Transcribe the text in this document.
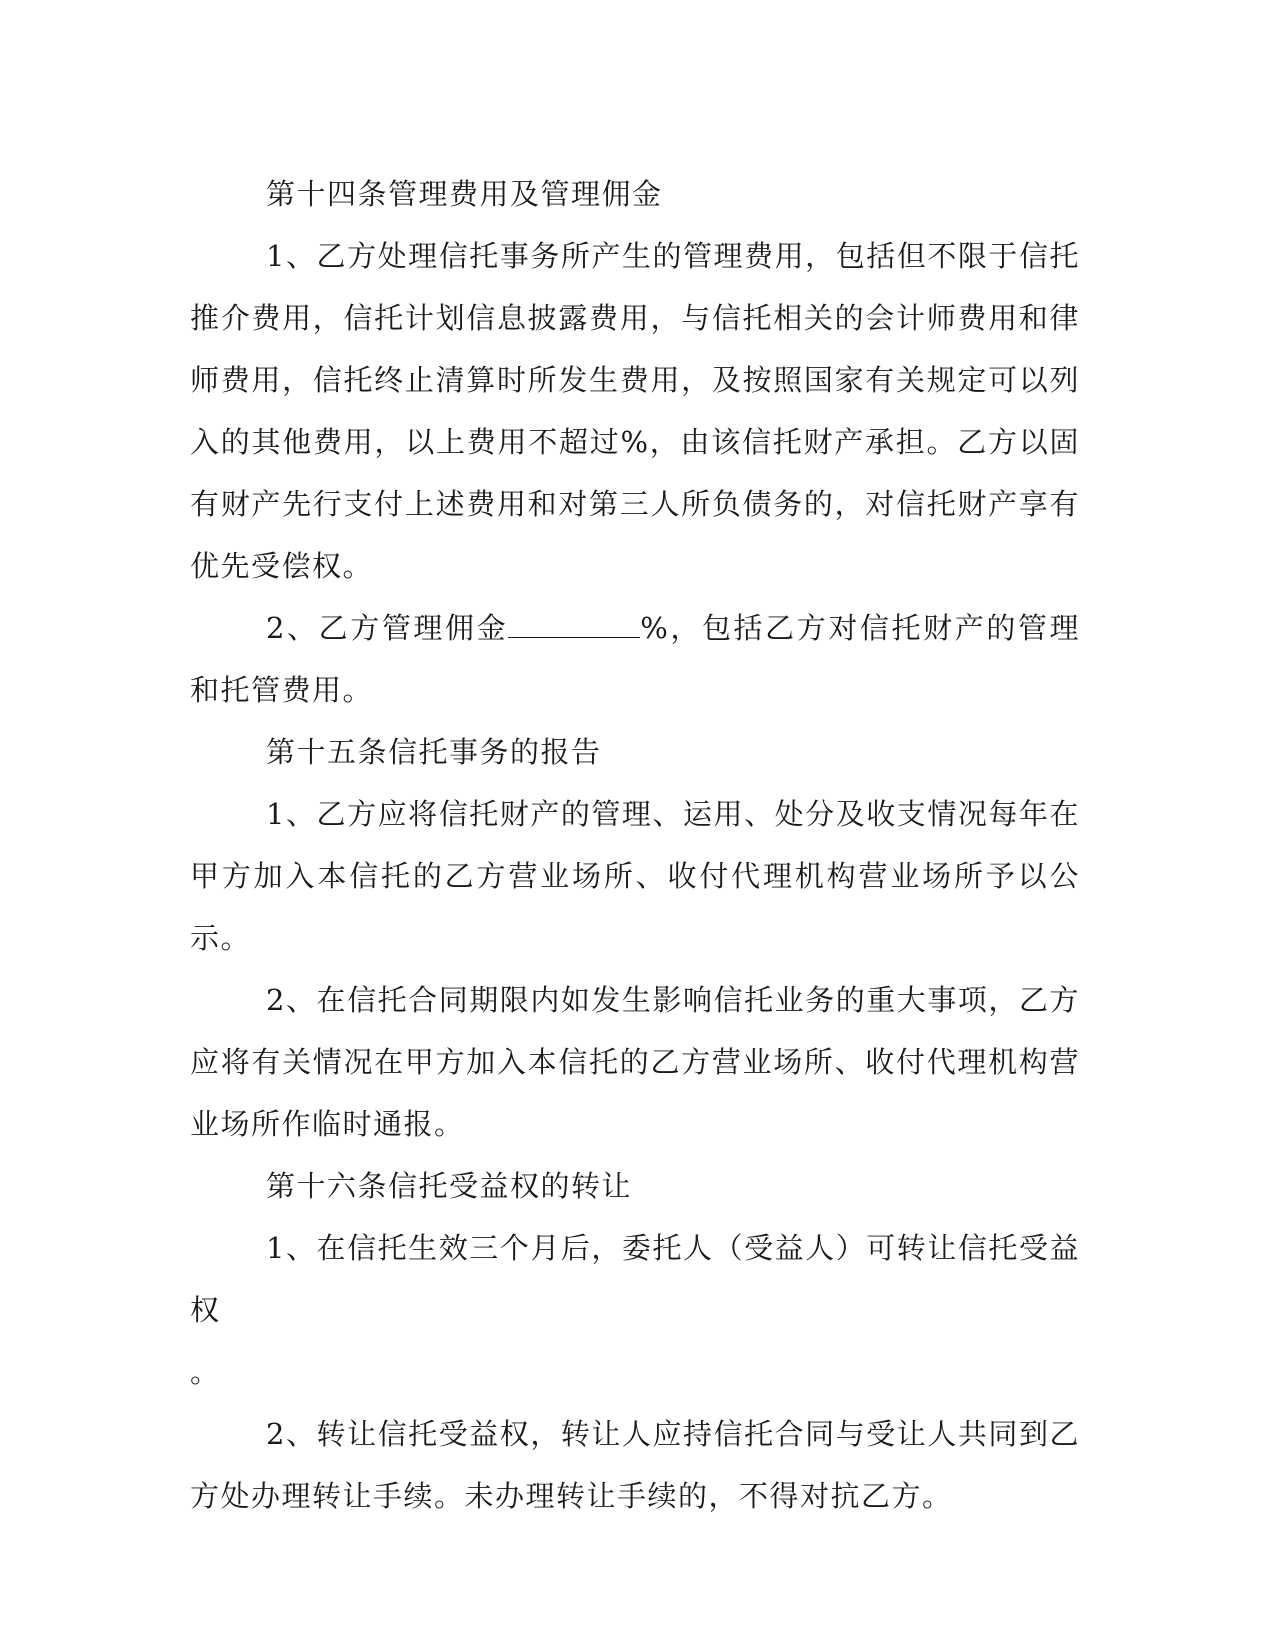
第十四条管理费用及管理佣金

1、乙方处理信托事务所产生的管理费用，包括但不限于信托推介费用，信托计划信息披露费用，与信托相关的会计师费用和律师费用，信托终止清算时所发生费用，及按照国家有关规定可以列入的其他费用，以上费用不超过%，由该信托财产承担。乙方以固有财产先行支付上述费用和对第三人所负债务的，对信托财产享有优先受偿权。

2、乙方管理佣金	%，包括乙方对信托财产的管理和托管费用。

第十五条信托事务的报告

1、乙方应将信托财产的管理、运用、处分及收支情况每年在甲方加入本信托的乙方营业场所、收付代理机构营业场所予以公示。

2、在信托合同期限内如发生影响信托业务的重大事项，乙方应将有关情况在甲方加入本信托的乙方营业场所、收付代理机构营业场所作临时通报。

第十六条信托受益权的转让

1、在信托生效三个月后，委托人（受益人）可转让信托受益权

。

2、转让信托受益权，转让人应持信托合同与受让人共同到乙方处办理转让手续。未办理转让手续的，不得对抗乙方。
